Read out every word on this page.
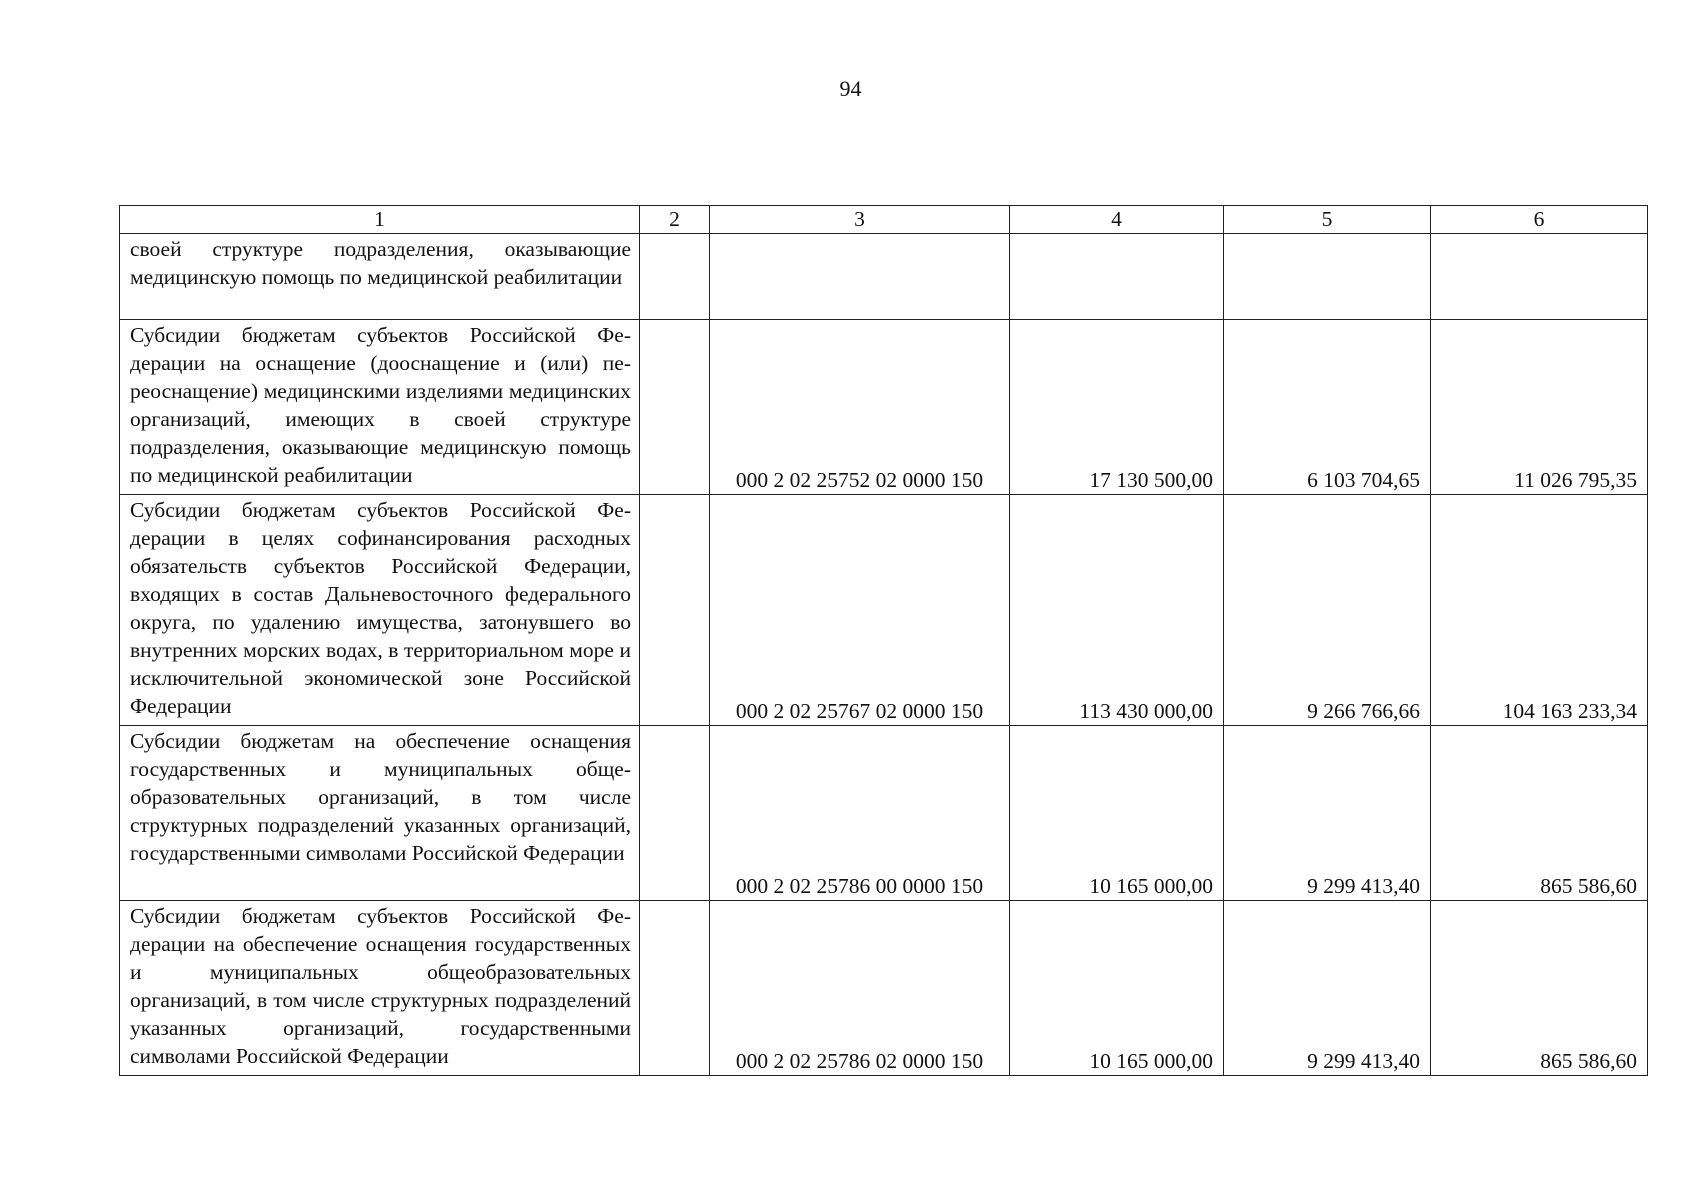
94
1	2	3	4	5	6
своей структуре подразделения, оказывающие медицинскую помощь по медицинской реабилитации					
Субсидии бюджетам субъектов Российской Федерации на оснащение (дооснащение и (или) переоснащение) медицинскими изделиями медицинских организаций, имеющих в своей структуре подразделения, оказывающие медицинскую помощь по медицинской реабилитации		000 2 02 25752 02 0000 150	17 130 500,00	6 103 704,65	11 026 795,35
Субсидии бюджетам субъектов Российской Федерации в целях софинансирования расходных обязательств субъектов Российской Федерации, входящих в состав Дальневосточного федерального округа, по удалению имущества, затонувшего во внутренних морских водах, в территориальном море и исключительной экономической зоне Российской Федерации		000 2 02 25767 02 0000 150	113 430 000,00	9 266 766,66	104 163 233,34
Субсидии бюджетам на обеспечение оснащения государственных и муниципальных общеобразовательных организаций, в том числе структурных подразделений указанных организаций, государственными символами Российской Федерации		000 2 02 25786 00 0000 150	10 165 000,00	9 299 413,40	865 586,60
Субсидии бюджетам субъектов Российской Федерации на обеспечение оснащения государственных и муниципальных общеобразовательных организаций, в том числе структурных подразделений указанных организаций, государственными символами Российской Федерации		000 2 02 25786 02 0000 150	10 165 000,00	9 299 413,40	865 586,60
